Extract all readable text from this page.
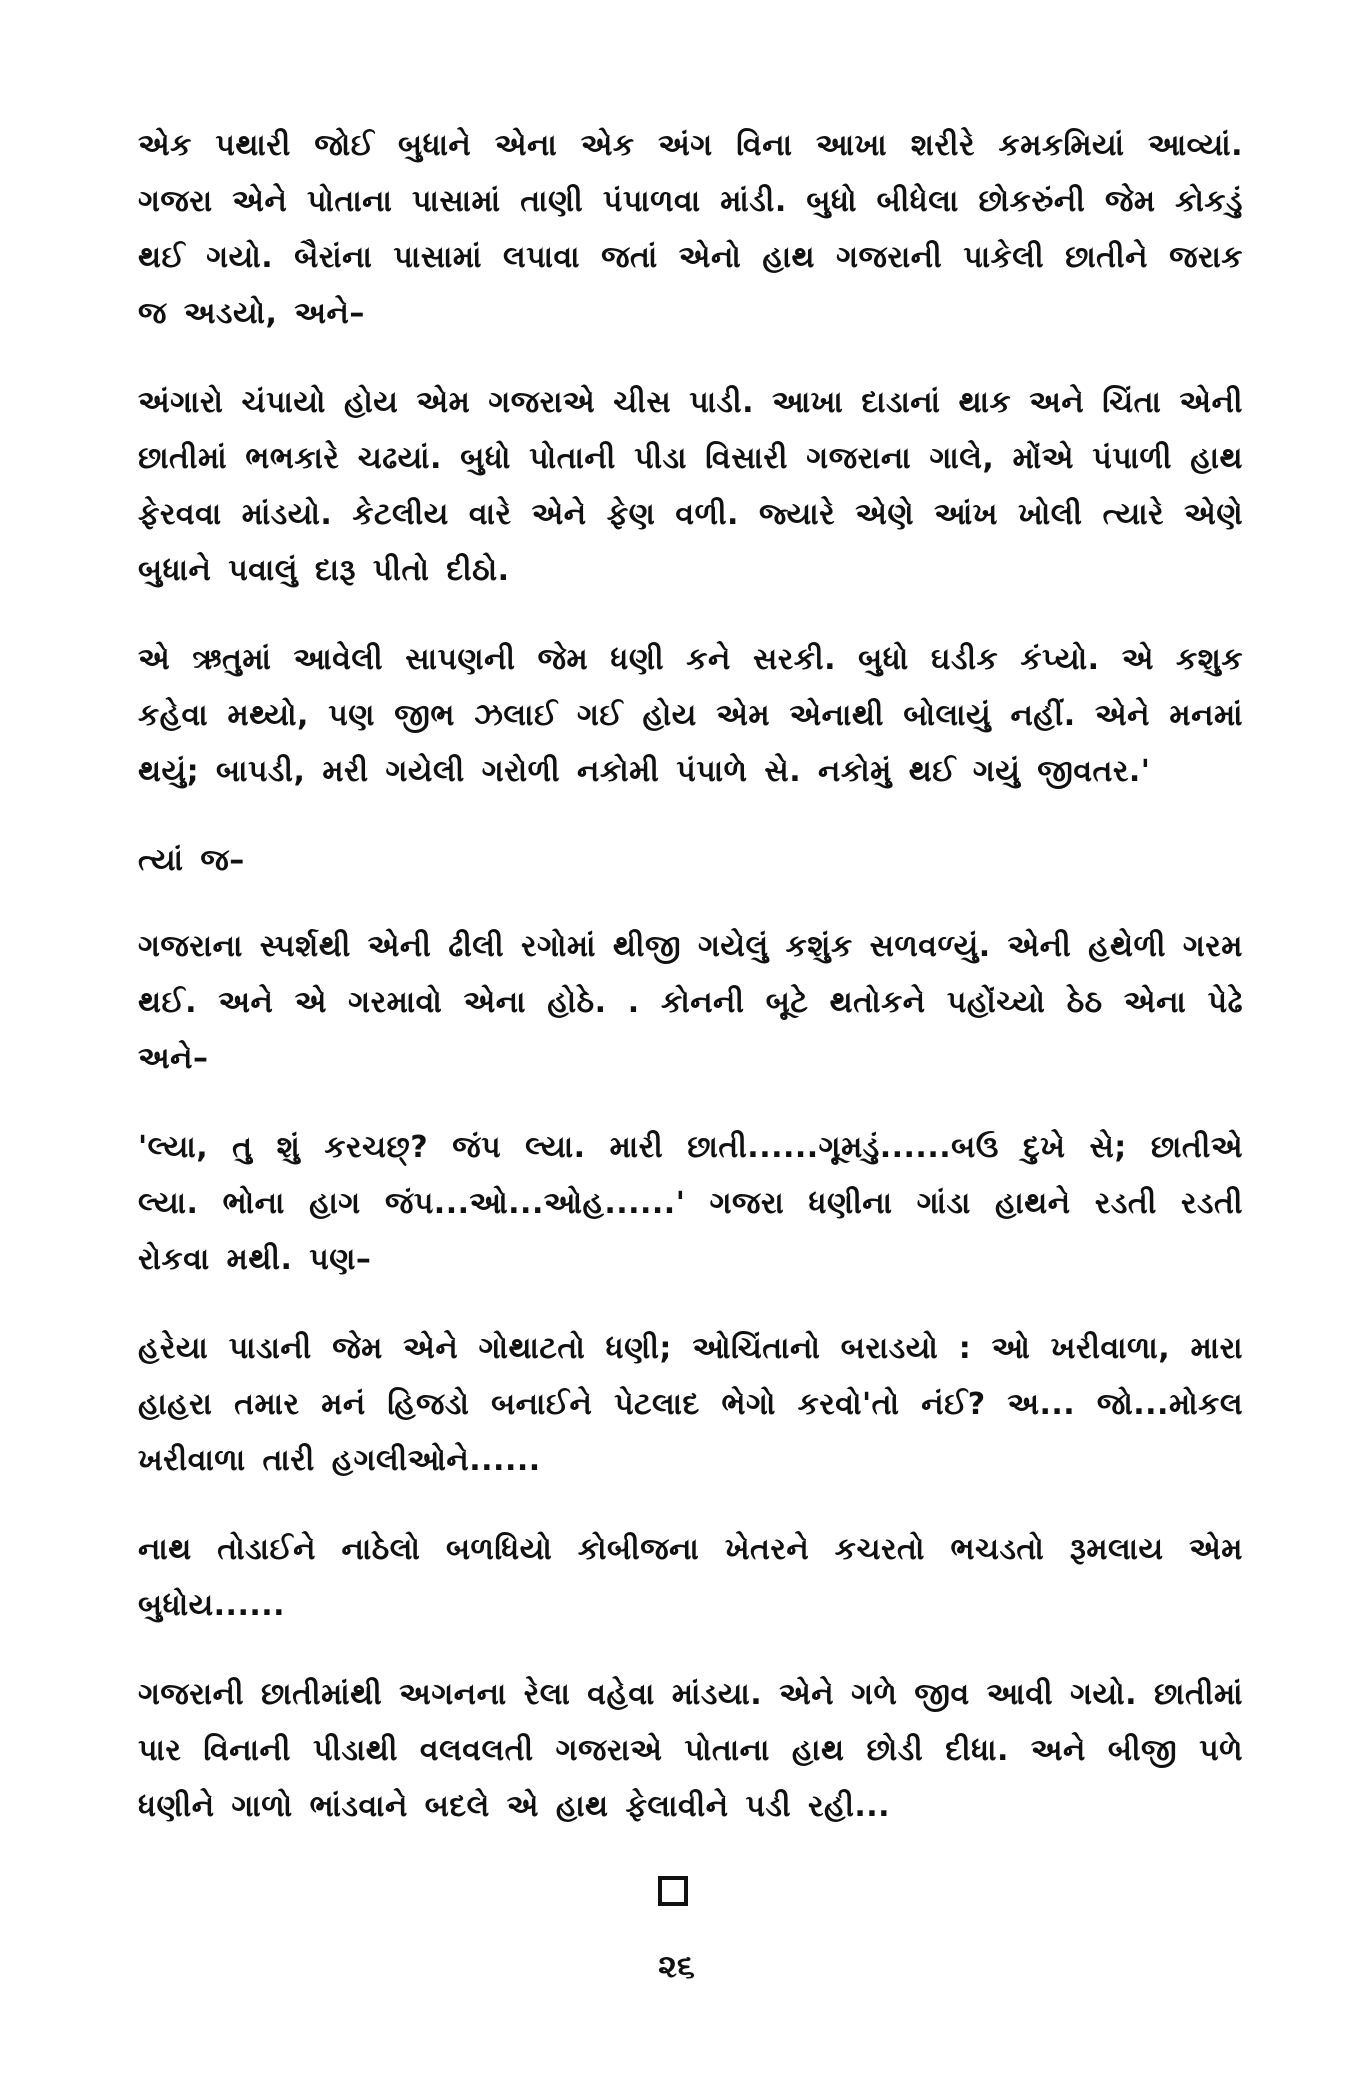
એક પથારી જોઈ બુધાને એના એક અંગ વિના આખા શરીરે કમકમિયાં આવ્યાં. ગજરા એને પોતાના પાસામાં તાણી પંપાળવા માંડી. બુધો બીધેલા છોકરુંની જેમ કોકડું થઈ ગયો. બૈરાંના પાસામાં લપાવા જતાં એનો હાથ ગજરાની પાકેલી છાતીને જરાક જ અડયો, અને–

અંગારો ચંપાયો હોય એમ ગજરાએ ચીસ પાડી. આખા દાડાનાં થાક અને ચિંતા એની છાતીમાં ભભકારે ચઢયાં. બુધો પોતાની પીડા વિસારી ગજરાના ગાલે, મોંએ પંપાળી હાથ ફેરવવા માંડયો. કેટલીય વારે એને ફેણ વળી. જ્યારે એણે આંખ ખોલી ત્યારે એણે બુધાને પવાલું દારૂ પીતો દીઠો.

એ ઋતુમાં આવેલી સાપણની જેમ ધણી કને સરકી. બુધો ઘડીક કંપ્યો. એ કશુક કહેવા મથ્યો, પણ જીભ ઝલાઈ ગઈ હોય એમ એનાથી બોલાયું નહીં. એને મનમાં થયું; બાપડી, મરી ગયેલી ગરોળી નકોમી પંપાળે સે. નકોમું થઈ ગયું જીવતર.'

ત્યાં જ–

ગજરાના સ્પર્શથી એની ઢીલી રગોમાં થીજી ગયેલું કશુંક સળવળ્યું. એની હથેળી ગરમ થઈ. અને એ ગરમાવો એના હોઠે. . કોનની બૂટે થતોકને પહોંચ્યો ઠેઠ એના પેઢે અને–

'લ્યા, તુ શું કરચછ્? જંપ લ્યા. મારી છાતી......ગૂમડું......બઉ દુખે સે; છાતીએ લ્યા. ભોના હાગ જંપ...ઓ...ઓહ......' ગજરા ધણીના ગાંડા હાથને રડતી રડતી રોકવા મથી. પણ–

હરેયા પાડાની જેમ એને ગોથાટતો ધણી; ઓચિંતાનો બરાડયો : ઓ ખરીવાળા, મારા હાહરા તમાર મનં હિજડો બનાઈને પેટલાદ ભેગો કરવો'તો નંઈ? અ... જો...મોકલ ખરીવાળા તારી હગલીઓને......

નાથ તોડાઈને નાઠેલો બળધિયો કોબીજના ખેતરને કચરતો ભચડતો રૂમલાય એમ બુધોય......

ગજરાની છાતીમાંથી અગનના રેલા વહેવા માંડયા. એને ગળે જીવ આવી ગયો. છાતીમાં પાર વિનાની પીડાથી વલવલતી ગજરાએ પોતાના હાથ છોડી દીધા. અને બીજી પળે ધણીને ગાળો ભાંડવાને બદલે એ હાથ ફેલાવીને પડી રહી...

૨૬
